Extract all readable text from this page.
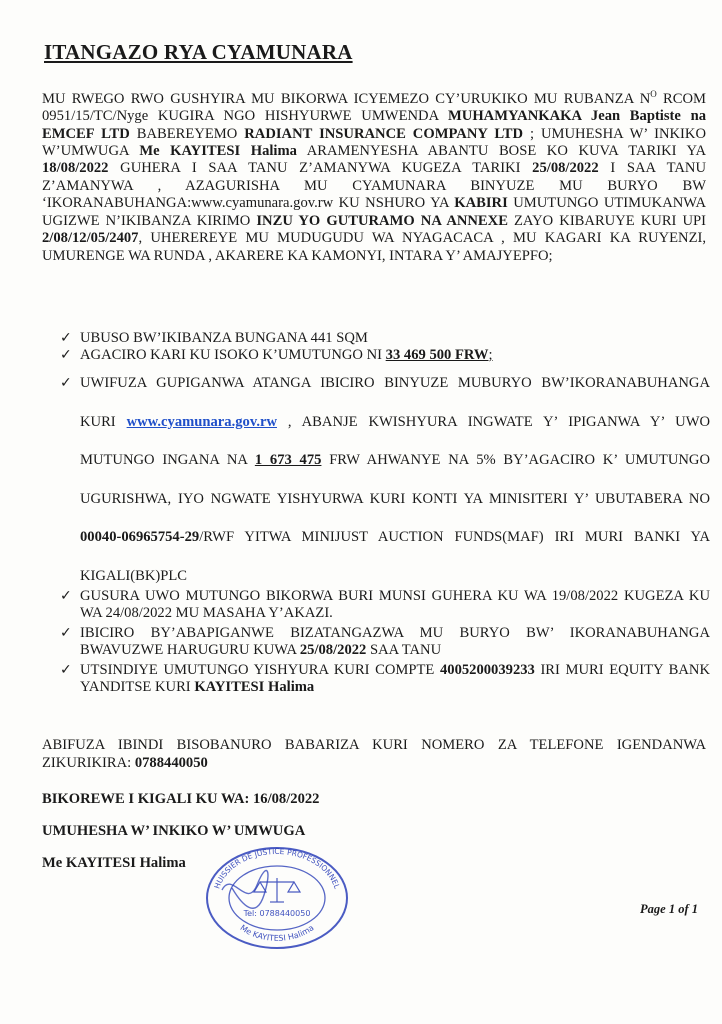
ITANGAZO RYA CYAMUNARA
MU RWEGO RWO GUSHYIRA MU BIKORWA ICYEMEZO CY’URUKIKO MU RUBANZA $N^O$ RCOM 0951/15/TC/Nyge KUGIRA NGO HISHYURWE UMWENDA MUHAMYANKAKA Jean Baptiste na EMCEF LTD BABEREYEMO RADIANT INSURANCE COMPANY LTD ; UMUHESHA W’ INKIKO W’UMWUGA Me KAYITESI Halima ARAMENYESHA ABANTU BOSE KO KUVA TARIKI YA 18/08/2022 GUHERA I SAA TANU Z’AMANYWA KUGEZA TARIKI 25/08/2022 I SAA TANU Z’AMANYWA , AZAGURISHA MU CYAMUNARA BINYUZE MU BURYO BW ‘IKORANABUHANGA:www.cyamunara.gov.rw KU NSHURO YA KABIRI UMUTUNGO UTIMUKANWA UGIZWE N’IKIBANZA KIRIMO INZU YO GUTURAMO NA ANNEXE ZAYO KIBARUYE KURI UPI 2/08/12/05/2407, UHEREREYE MU MUDUGUDU WA NYAGACACA , MU KAGARI KA RUYENZI, UMURENGE WA RUNDA , AKARERE KA KAMONYI, INTARA Y’ AMAJYEPFO;
✓ UBUSO BW’IKIBANZA BUNGANA 441 SQM
✓ AGACIRO KARI KU ISOKO K’UMUTUNGO NI 33 469 500 FRW;
✓ UWIFUZA GUPIGANWA ATANGA IBICIRO BINYUZE MUBURYO BW’IKORANABUHANGA KURI www.cyamunara.gov.rw , ABANJE KWISHYURA INGWATE Y’ IPIGANWA Y’ UWO MUTUNGO INGANA NA 1 673 475 FRW AHWANYE NA 5% BY’AGACIRO K’ UMUTUNGO UGURISHWA, IYO NGWATE YISHYURWA KURI KONTI YA MINISITERI Y’ UBUTABERA NO 00040-06965754-29/RWF YITWA MINIJUST AUCTION FUNDS(MAF) IRI MURI BANKI YA KIGALI(BK)PLC
✓ GUSURA UWO MUTUNGO BIKORWA BURI MUNSI GUHERA KU WA 19/08/2022 KUGEZA KU WA 24/08/2022 MU MASAHA Y’AKAZI.
✓ IBICIRO BY’ABAPIGANWE BIZATANGAZWA MU BURYO BW’ IKORANABUHANGA BWAVUZWE HARUGURU KUWA 25/08/2022 SAA TANU
✓ UTSINDIYE UMUTUNGO YISHYURA KURI COMPTE 4005200039233 IRI MURI EQUITY BANK YANDITSE KURI KAYITESI Halima
ABIFUZA IBINDI BISOBANURO BABARIZA KURI NOMERO ZA TELEFONE IGENDANWA ZIKURIKIRA: 0788440050
BIKOREWE I KIGALI KU WA: 16/08/2022
UMUHESHA W’ INKIKO W’ UMWUGA
Me KAYITESI Halima
HUISSIER DE JUSTICE PROFESSIONNEL
Me KAYITESI Halima
Tel: 0788440050	Page 1 of 1
